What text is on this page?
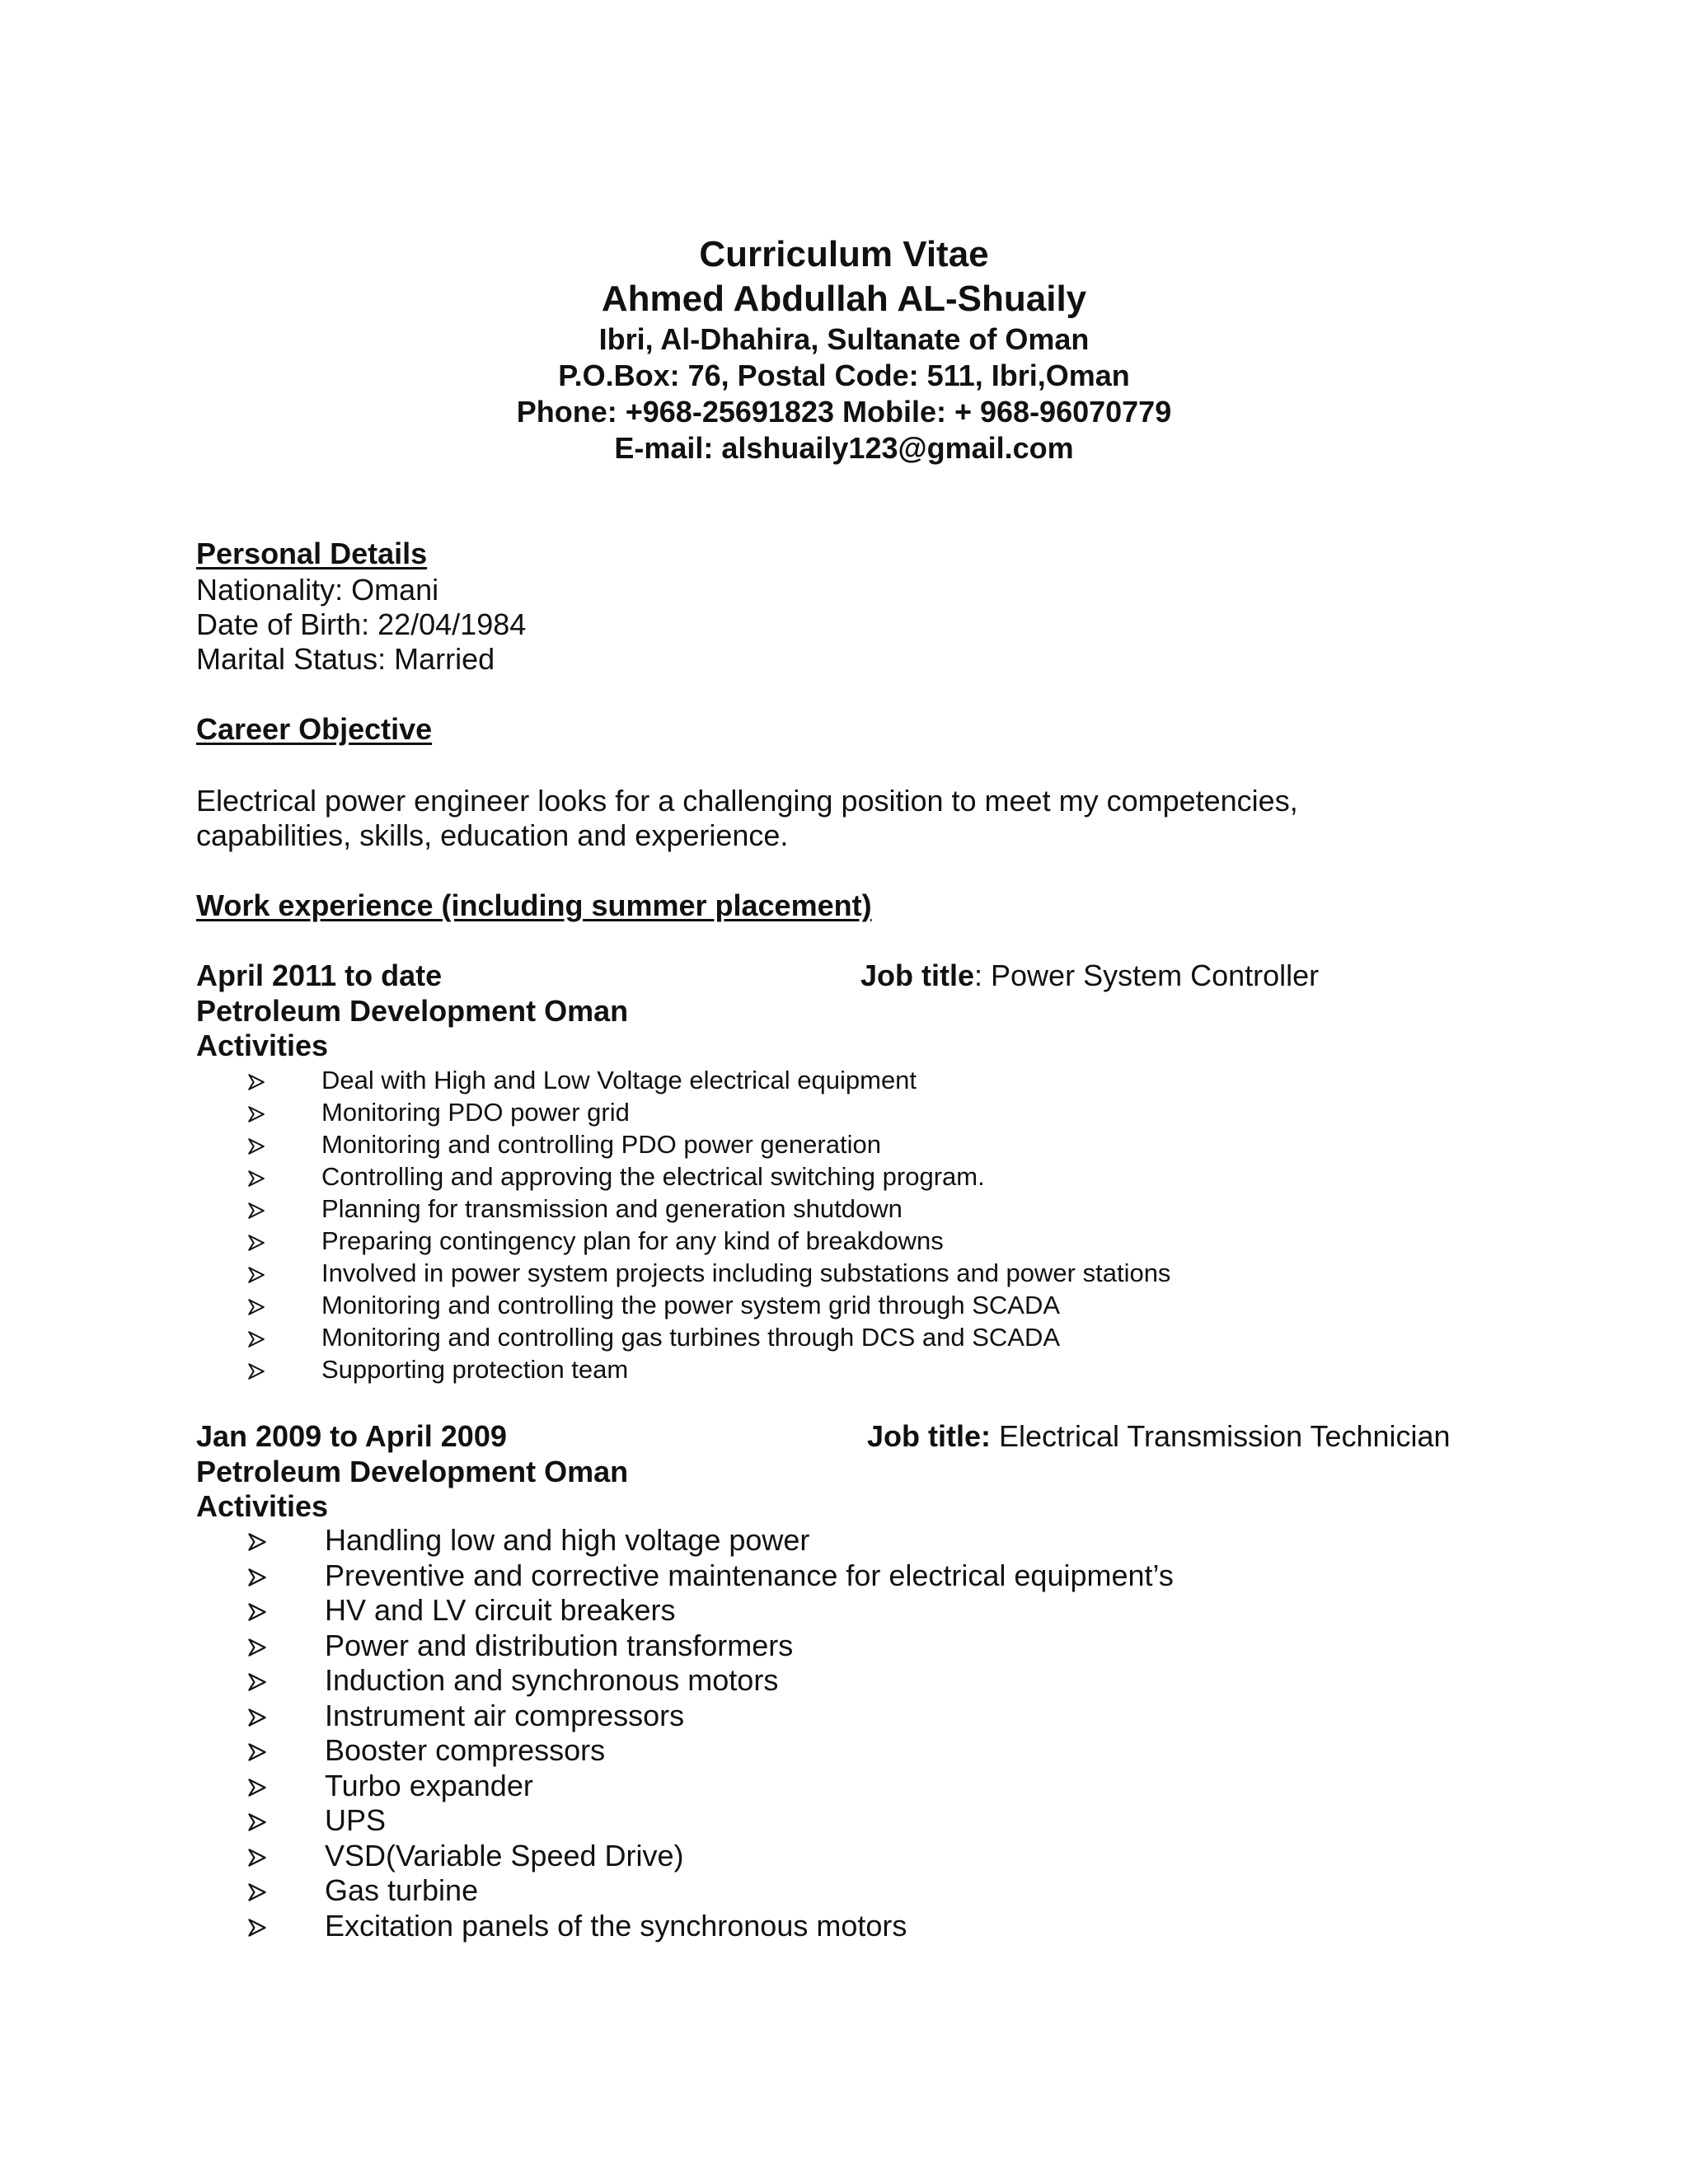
Curriculum Vitae
Ahmed Abdullah AL-Shuaily
Ibri, Al-Dhahira, Sultanate of Oman
P.O.Box: 76, Postal Code: 511, Ibri,Oman
Phone: +968-25691823 Mobile: + 968-96070779
E-mail: alshuaily123@gmail.com
Personal Details
Nationality: Omani
Date of Birth: 22/04/1984
Marital Status: Married
Career Objective
Electrical power engineer looks for a challenging position to meet my competencies,
capabilities, skills, education and experience.
Work experience (including summer placement)
April 2011 to date	Job title: Power System Controller
Petroleum Development Oman
Activities
Deal with High and Low Voltage electrical equipment
Monitoring PDO power grid
Monitoring and controlling PDO power generation
Controlling and approving the electrical switching program.
Planning for transmission and generation shutdown
Preparing contingency plan for any kind of breakdowns
Involved in power system projects including substations and power stations
Monitoring and controlling the power system grid through SCADA
Monitoring and controlling gas turbines through DCS and SCADA
Supporting protection team
Jan 2009 to April 2009	Job title: Electrical Transmission Technician
Petroleum Development Oman
Activities
Handling low and high voltage power
Preventive and corrective maintenance for electrical equipment’s
HV and LV circuit breakers
Power and distribution transformers
Induction and synchronous motors
Instrument air compressors
Booster compressors
Turbo expander
UPS
VSD(Variable Speed Drive)
Gas turbine
Excitation panels of the synchronous motors
